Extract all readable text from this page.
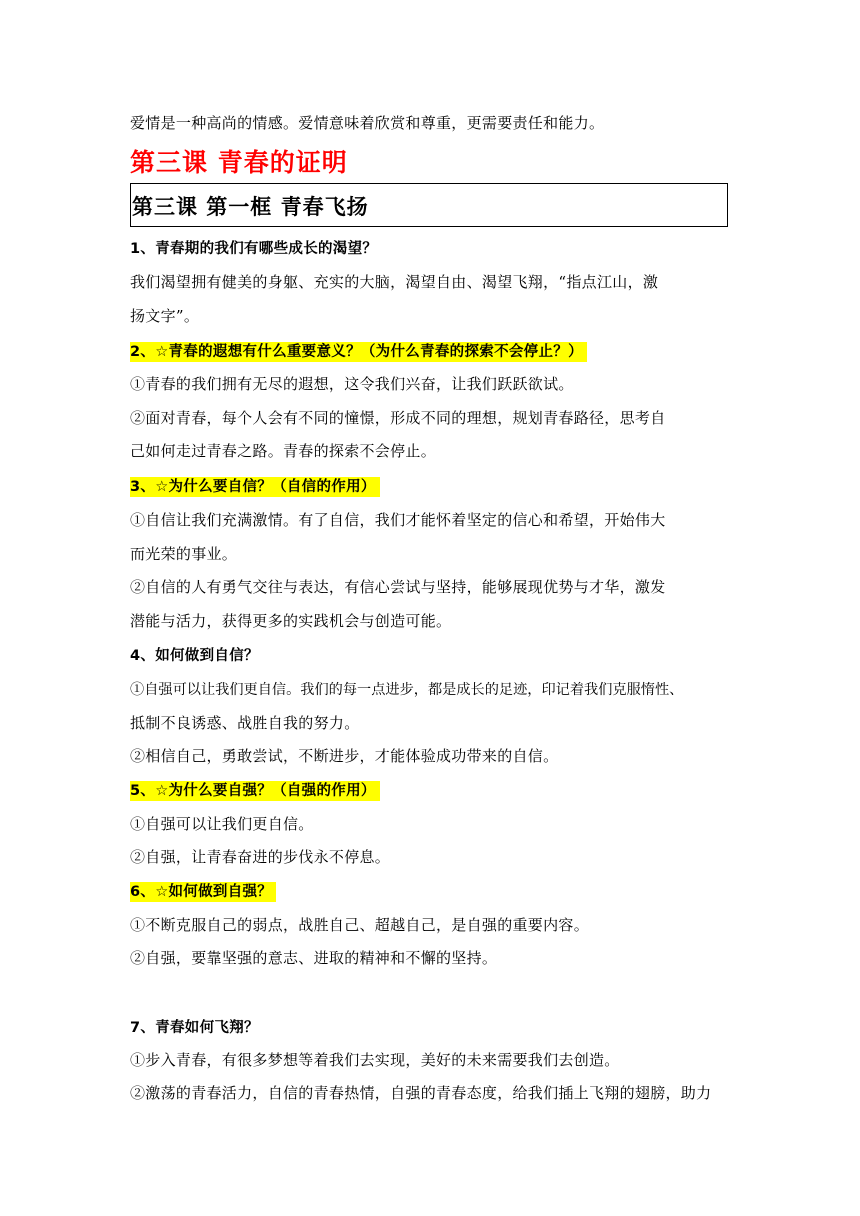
爱情是一种高尚的情感。爱情意味着欣赏和尊重，更需要责任和能力。
第三课 青春的证明
第三课 第一框 青春飞扬
1、青春期的我们有哪些成长的渴望？
我们渴望拥有健美的身躯、充实的大脑，渴望自由、渴望飞翔，“指点江山，激
扬文字”。
2、☆青春的遐想有什么重要意义？（为什么青春的探索不会停止？）
①青春的我们拥有无尽的遐想，这令我们兴奋，让我们跃跃欲试。
②面对青春，每个人会有不同的憧憬，形成不同的理想，规划青春路径，思考自
己如何走过青春之路。青春的探索不会停止。
3、☆为什么要自信？（自信的作用）
①自信让我们充满激情。有了自信，我们才能怀着坚定的信心和希望，开始伟大
而光荣的事业。
②自信的人有勇气交往与表达，有信心尝试与坚持，能够展现优势与才华，激发
潜能与活力，获得更多的实践机会与创造可能。
4、如何做到自信？
①自强可以让我们更自信。我们的每一点进步，都是成长的足迹，印记着我们克服惰性、
抵制不良诱惑、战胜自我的努力。
②相信自己，勇敢尝试，不断进步，才能体验成功带来的自信。
5、☆为什么要自强？（自强的作用）
①自强可以让我们更自信。
②自强，让青春奋进的步伐永不停息。
6、☆如何做到自强？
①不断克服自己的弱点，战胜自己、超越自己，是自强的重要内容。
②自强，要靠坚强的意志、进取的精神和不懈的坚持。
7、青春如何飞翔？
①步入青春，有很多梦想等着我们去实现，美好的未来需要我们去创造。
②激荡的青春活力，自信的青春热情，自强的青春态度，给我们插上飞翔的翅膀，助力
